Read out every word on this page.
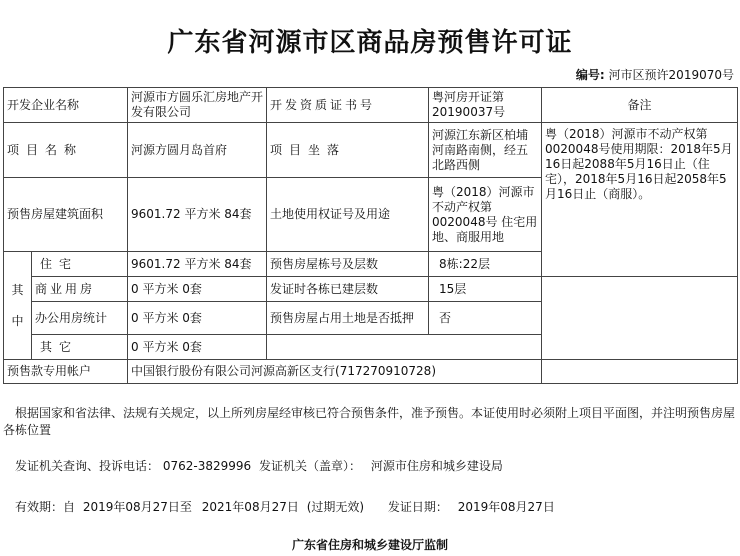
广东省河源市区商品房预售许可证
编号: 河市区预许2019070号
开发企业名称		河源市方圆乐汇房地产开发有限公司	开发资质证书号	粤河房开证第20190037号	备注
项目名称		河源方圆月岛首府	项目坐落	河源江东新区柏埔河南路南侧，经五北路西侧	粤（2018）河源市不动产权第0020048号使用期限：2018年5月16日起2088年5月16日止（住宅），2018年5月16日起2058年5月16日止（商服）。
预售房屋建筑面积		9601.72 平方米 84套	土地使用权证号及用途	粤（2018）河源市不动产权第0020048号 住宅用地、商服用地	

其
中	住宅	9601.72 平方米 84套	预售房屋栋号及层数	8栋:22层	
	商业用房	0 平方米 0套	发证时各栋已建层数	15层	
	办公用房统计	0 平方米 0套	预售房屋占用土地是否抵押	否	
	其它	0 平方米 0套			
预售款专用帐户		中国银行股份有限公司河源高新区支行(717270910728)			
根据国家和省法律、法规有关规定，以上所列房屋经审核已符合预售条件，准予预售。本证使用时必须附上项目平面图，并注明预售房屋各栋位置
发证机关查询、投诉电话： 0762-3829996 发证机关（盖章）： 河源市住房和城乡建设局
有效期：自 2019年08月27日至 2021年08月27日 (过期无效) 发证日期： 2019年08月27日
广东省住房和城乡建设厅监制
